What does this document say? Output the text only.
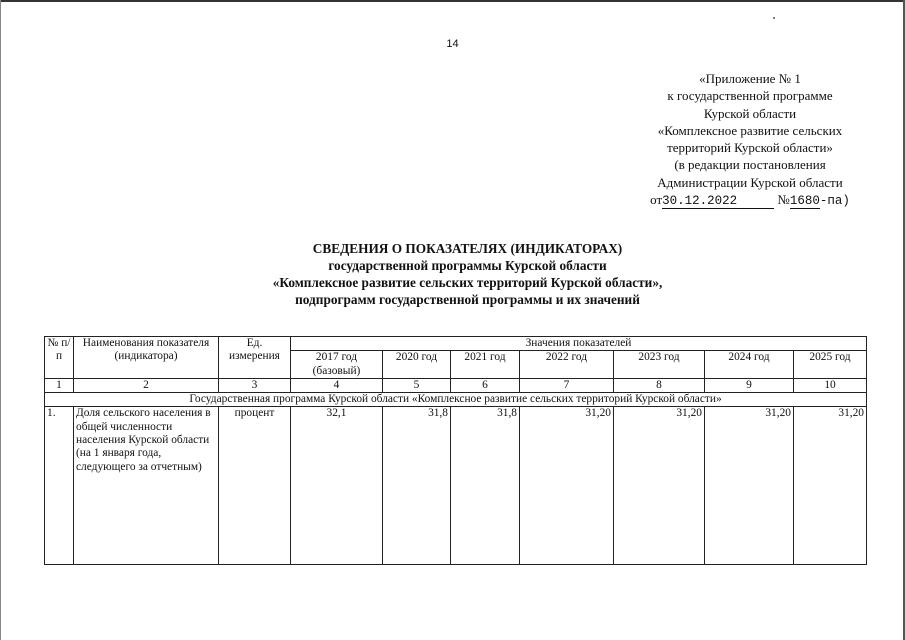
14
«Приложение № 1
к государственной программе
Курской области
«Комплексное развитие сельских
территорий Курской области»
(в редакции постановления
Администрации Курской области
от30.12.2022	№1680-па)
СВЕДЕНИЯ О ПОКАЗАТЕЛЯХ (ИНДИКАТОРАХ)
государственной программы Курской области
«Комплексное развитие сельских территорий Курской области»,
подпрограмм государственной программы и их значений
№ п/п	Наименования показателя (индикатора)	Ед. измерения	Значения показателей						
			2017 год (базовый)	2020 год	2021 год	2022 год	2023 год	2024 год	2025 год
1	2	3	4	5	6	7	8	9	10
Государственная программа Курской области «Комплексное развитие сельских территорий Курской области»									
1.	Доля сельского населения в общей численности населения Курской области (на 1 января года, следующего за отчетным)	процент	32,1	31,8	31,8	31,20	31,20	31,20	31,20
